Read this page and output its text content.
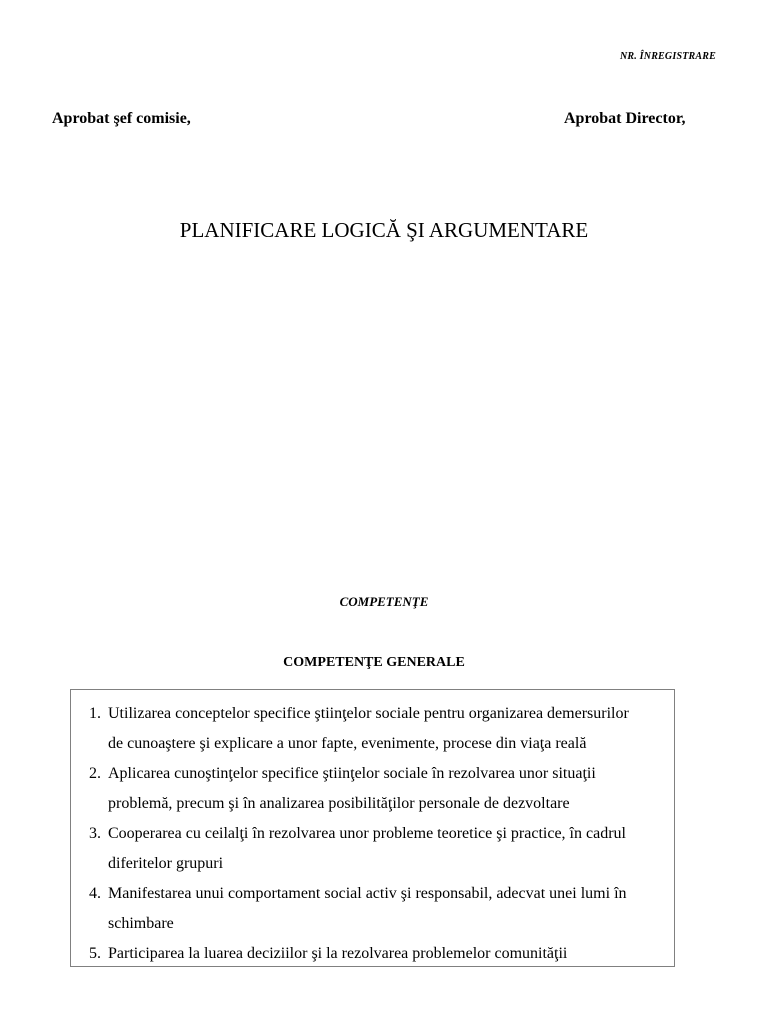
NR. ÎNREGISTRARE
Aprobat şef comisie,	Aprobat Director,
PLANIFICARE LOGICĂ ŞI ARGUMENTARE
COMPETENŢE
COMPETENŢE GENERALE
1. Utilizarea conceptelor specifice ştiinţelor sociale pentru organizarea demersurilor
de cunoaştere şi explicare a unor fapte, evenimente, procese din viaţa reală
2. Aplicarea cunoştinţelor specifice ştiinţelor sociale în rezolvarea unor situaţii
problemă, precum şi în analizarea posibilităţilor personale de dezvoltare
3. Cooperarea cu ceilalţi în rezolvarea unor probleme teoretice şi practice, în cadrul
diferitelor grupuri
4. Manifestarea unui comportament social activ şi responsabil, adecvat unei lumi în
schimbare
5. Participarea la luarea deciziilor şi la rezolvarea problemelor comunităţii
